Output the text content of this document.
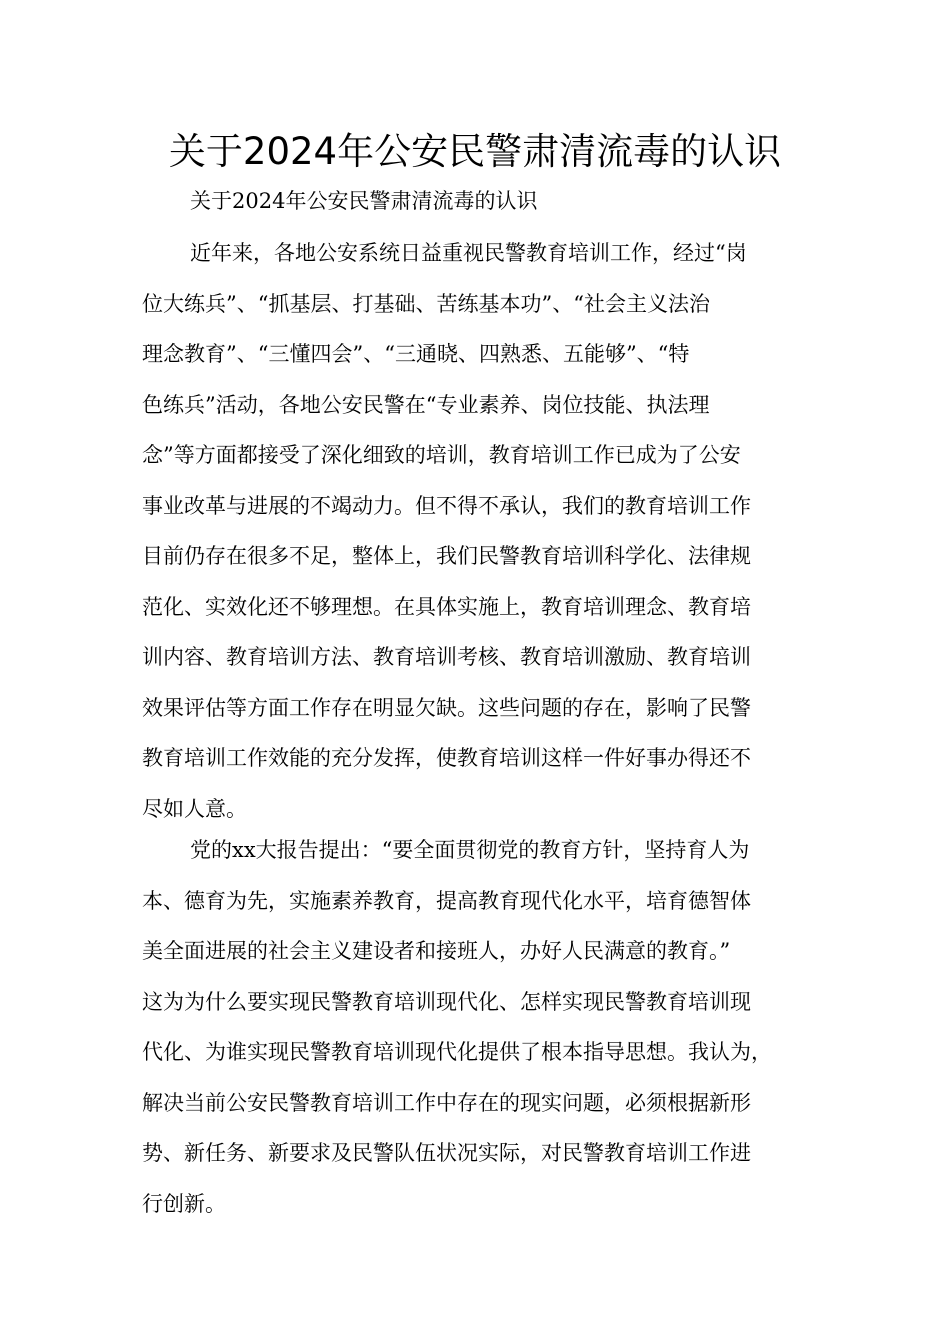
关于2024年公安民警肃清流毒的认识
关于2024年公安民警肃清流毒的认识
近年来，各地公安系统日益重视民警教育培训工作，经过“岗
位大练兵”、“抓基层、打基础、苦练基本功”、“社会主义法治
理念教育”、“三懂四会”、“三通晓、四熟悉、五能够”、“特
色练兵”活动，各地公安民警在“专业素养、岗位技能、执法理
念”等方面都接受了深化细致的培训，教育培训工作已成为了公安
事业改革与进展的不竭动力。但不得不承认，我们的教育培训工作
目前仍存在很多不足，整体上，我们民警教育培训科学化、法律规
范化、实效化还不够理想。在具体实施上，教育培训理念、教育培
训内容、教育培训方法、教育培训考核、教育培训激励、教育培训
效果评估等方面工作存在明显欠缺。这些问题的存在，影响了民警
教育培训工作效能的充分发挥，使教育培训这样一件好事办得还不
尽如人意。
党的xx大报告提出：“要全面贯彻党的教育方针，坚持育人为
本、德育为先，实施素养教育，提高教育现代化水平，培育德智体
美全面进展的社会主义建设者和接班人，办好人民满意的教育。”
这为为什么要实现民警教育培训现代化、怎样实现民警教育培训现
代化、为谁实现民警教育培训现代化提供了根本指导思想。我认为，
解决当前公安民警教育培训工作中存在的现实问题，必须根据新形
势、新任务、新要求及民警队伍状况实际，对民警教育培训工作进
行创新。
